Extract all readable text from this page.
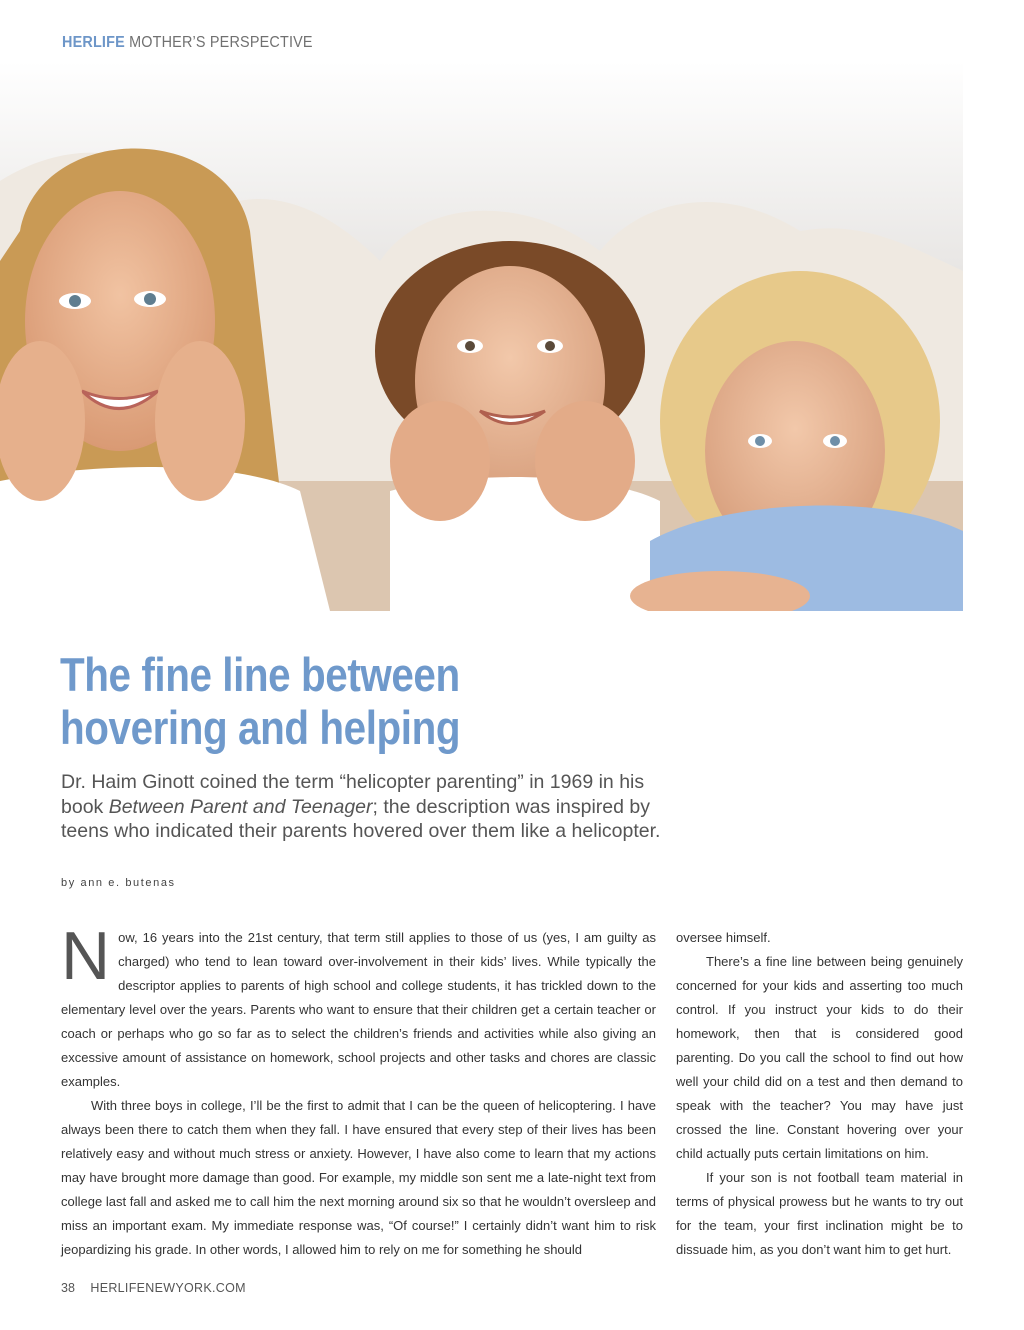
HERLIFE MOTHER’S PERSPECTIVE
The fine line between hovering and helping

Dr. Haim Ginott coined the term “helicopter parenting” in 1969 in his book Between Parent and Teenager; the description was inspired by teens who indicated their parents hovered over them like a helicopter.

by ann e. butenas

Now, 16 years into the 21st century, that term still applies to those of us (yes, I am guilty as charged) who tend to lean toward over-involvement in their kids’ lives. While typically the descriptor applies to parents of high school and college students, it has trickled down to the elementary level over the years. Parents who want to ensure that their children get a certain teacher or coach or perhaps who go so far as to select the children’s friends and activities while also giving an excessive amount of assistance on homework, school projects and other tasks and chores are classic examples.

With three boys in college, I’ll be the first to admit that I can be the queen of helicoptering. I have always been there to catch them when they fall. I have ensured that every step of their lives has been relatively easy and without much stress or anxiety. However, I have also come to learn that my actions may have brought more damage than good. For example, my middle son sent me a late-night text from college last fall and asked me to call him the next morning around six so that he wouldn’t oversleep and miss an important exam. My immediate response was, “Of course!” I certainly didn’t want him to risk jeopardizing his grade. In other words, I allowed him to rely on me for something he should

oversee himself.

There’s a fine line between being genuinely concerned for your kids and asserting too much control. If you instruct your kids to do their homework, then that is considered good parenting. Do you call the school to find out how well your child did on a test and then demand to speak with the teacher? You may have just crossed the line. Constant hovering over your child actually puts certain limitations on him.

If your son is not football team material in terms of physical prowess but he wants to try out for the team, your first inclination might be to dissuade him, as you don’t want him to get hurt.

38 HERLIFENEWYORK.COM
